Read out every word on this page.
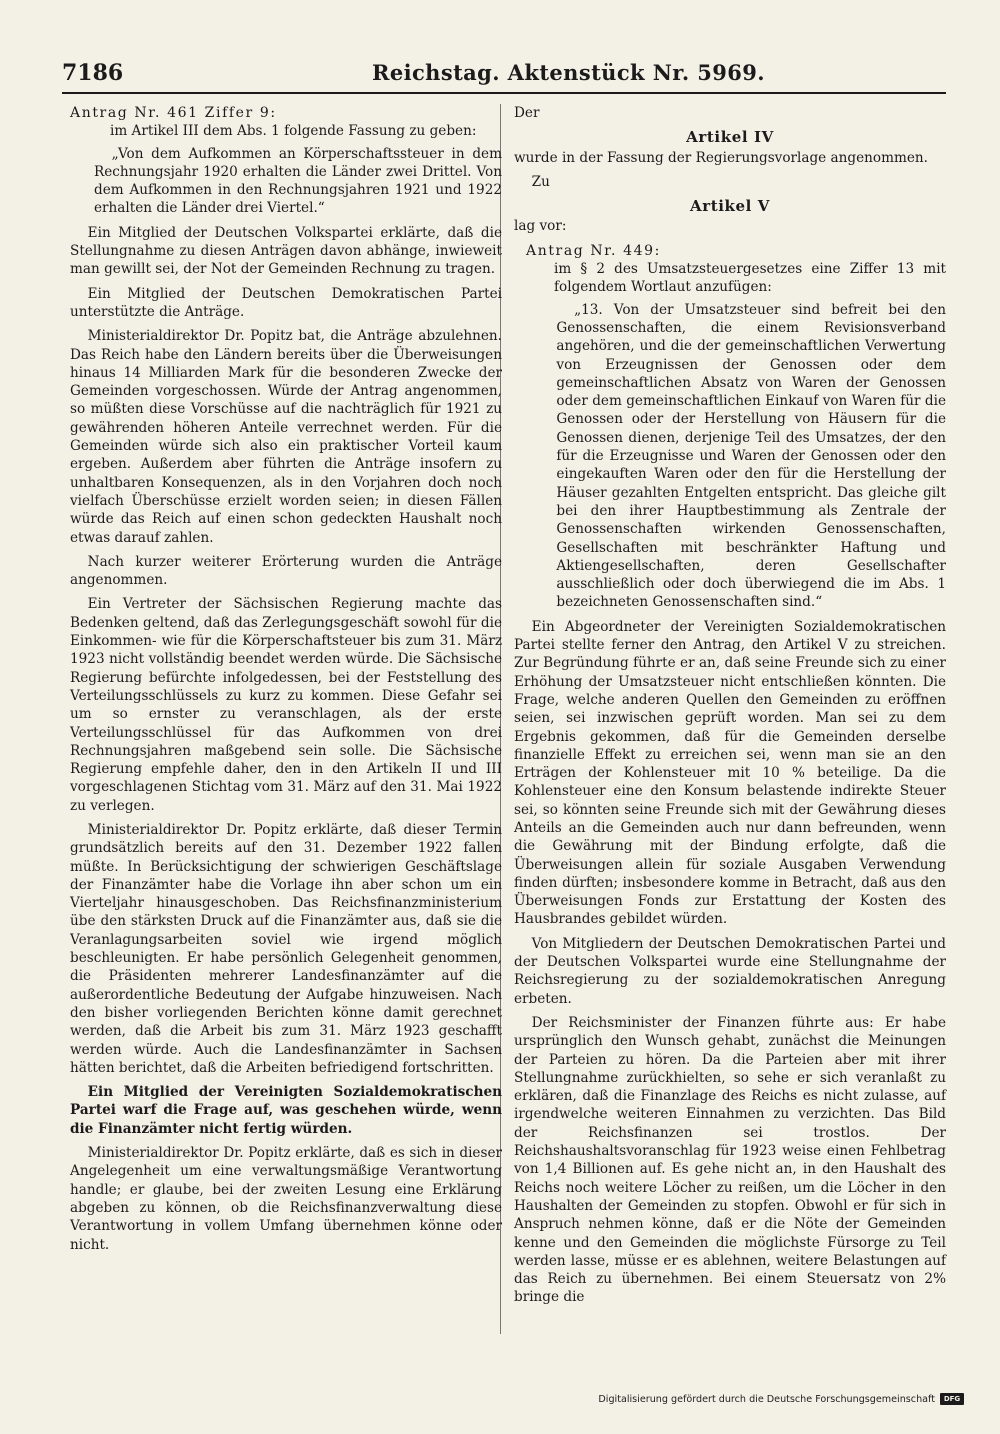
7186	Reichstag. Aktenstück Nr. 5969.

Antrag Nr. 461 Ziffer 9:

im Artikel III dem Abs. 1 folgende Fassung zu geben:

„Von dem Aufkommen an Körperschaftssteuer in dem Rechnungsjahr 1920 erhalten die Länder zwei Drittel. Von dem Aufkommen in den Rechnungsjahren 1921 und 1922 erhalten die Länder drei Viertel.“

Ein Mitglied der Deutschen Volkspartei erklärte, daß die Stellungnahme zu diesen Anträgen davon abhänge, inwieweit man gewillt sei, der Not der Gemeinden Rechnung zu tragen.

Ein Mitglied der Deutschen Demokratischen Partei unterstützte die Anträge.

Ministerialdirektor Dr. Popitz bat, die Anträge abzulehnen. Das Reich habe den Ländern bereits über die Überweisungen hinaus 14 Milliarden Mark für die besonderen Zwecke der Gemeinden vorgeschossen. Würde der Antrag angenommen, so müßten diese Vorschüsse auf die nachträglich für 1921 zu gewährenden höheren Anteile verrechnet werden. Für die Gemeinden würde sich also ein praktischer Vorteil kaum ergeben. Außerdem aber führten die Anträge insofern zu unhaltbaren Konsequenzen, als in den Vorjahren doch noch vielfach Überschüsse erzielt worden seien; in diesen Fällen würde das Reich auf einen schon gedeckten Haushalt noch etwas darauf zahlen.

Nach kurzer weiterer Erörterung wurden die Anträge angenommen.

Ein Vertreter der Sächsischen Regierung machte das Bedenken geltend, daß das Zerlegungsgeschäft sowohl für die Einkommen- wie für die Körperschaftsteuer bis zum 31. März 1923 nicht vollständig beendet werden würde. Die Sächsische Regierung befürchte infolgedessen, bei der Feststellung des Verteilungsschlüssels zu kurz zu kommen. Diese Gefahr sei um so ernster zu veranschlagen, als der erste Verteilungsschlüssel für das Aufkommen von drei Rechnungsjahren maßgebend sein solle. Die Sächsische Regierung empfehle daher, den in den Artikeln II und III vorgeschlagenen Stichtag vom 31. März auf den 31. Mai 1922 zu verlegen.

Ministerialdirektor Dr. Popitz erklärte, daß dieser Termin grundsätzlich bereits auf den 31. Dezember 1922 fallen müßte. In Berücksichtigung der schwierigen Geschäftslage der Finanzämter habe die Vorlage ihn aber schon um ein Vierteljahr hinausgeschoben. Das Reichsfinanzministerium übe den stärksten Druck auf die Finanzämter aus, daß sie die Veranlagungsarbeiten soviel wie irgend möglich beschleunigten. Er habe persönlich Gelegenheit genommen, die Präsidenten mehrerer Landesfinanzämter auf die außerordentliche Bedeutung der Aufgabe hinzuweisen. Nach den bisher vorliegenden Berichten könne damit gerechnet werden, daß die Arbeit bis zum 31. März 1923 geschafft werden würde. Auch die Landesfinanzämter in Sachsen hätten berichtet, daß die Arbeiten befriedigend fortschritten.

Ein Mitglied der Vereinigten Sozialdemokratischen Partei warf die Frage auf, was geschehen würde, wenn die Finanzämter nicht fertig würden.

Ministerialdirektor Dr. Popitz erklärte, daß es sich in dieser Angelegenheit um eine verwaltungsmäßige Verantwortung handle; er glaube, bei der zweiten Lesung eine Erklärung abgeben zu können, ob die Reichsfinanzverwaltung diese Verantwortung in vollem Umfang übernehmen könne oder nicht.

Der

Artikel IV

wurde in der Fassung der Regierungsvorlage angenommen.

Zu

Artikel V

lag vor:

Antrag Nr. 449:

im § 2 des Umsatzsteuergesetzes eine Ziffer 13 mit folgendem Wortlaut anzufügen:

„13. Von der Umsatzsteuer sind befreit bei den Genossenschaften, die einem Revisionsverband angehören, und die der gemeinschaftlichen Verwertung von Erzeugnissen der Genossen oder dem gemeinschaftlichen Absatz von Waren der Genossen oder dem gemeinschaftlichen Einkauf von Waren für die Genossen oder der Herstellung von Häusern für die Genossen dienen, derjenige Teil des Umsatzes, der den für die Erzeugnisse und Waren der Genossen oder den eingekauften Waren oder den für die Herstellung der Häuser gezahlten Entgelten entspricht. Das gleiche gilt bei den ihrer Hauptbestimmung als Zentrale der Genossenschaften wirkenden Genossenschaften, Gesellschaften mit beschränkter Haftung und Aktiengesellschaften, deren Gesellschafter ausschließlich oder doch überwiegend die im Abs. 1 bezeichneten Genossenschaften sind.“

Ein Abgeordneter der Vereinigten Sozialdemokratischen Partei stellte ferner den Antrag, den Artikel V zu streichen. Zur Begründung führte er an, daß seine Freunde sich zu einer Erhöhung der Umsatzsteuer nicht entschließen könnten. Die Frage, welche anderen Quellen den Gemeinden zu eröffnen seien, sei inzwischen geprüft worden. Man sei zu dem Ergebnis gekommen, daß für die Gemeinden derselbe finanzielle Effekt zu erreichen sei, wenn man sie an den Erträgen der Kohlensteuer mit 10 % beteilige. Da die Kohlensteuer eine den Konsum belastende indirekte Steuer sei, so könnten seine Freunde sich mit der Gewährung dieses Anteils an die Gemeinden auch nur dann befreunden, wenn die Gewährung mit der Bindung erfolgte, daß die Überweisungen allein für soziale Ausgaben Verwendung finden dürften; insbesondere komme in Betracht, daß aus den Überweisungen Fonds zur Erstattung der Kosten des Hausbrandes gebildet würden.

Von Mitgliedern der Deutschen Demokratischen Partei und der Deutschen Volkspartei wurde eine Stellungnahme der Reichsregierung zu der sozialdemokratischen Anregung erbeten.

Der Reichsminister der Finanzen führte aus: Er habe ursprünglich den Wunsch gehabt, zunächst die Meinungen der Parteien zu hören. Da die Parteien aber mit ihrer Stellungnahme zurückhielten, so sehe er sich veranlaßt zu erklären, daß die Finanzlage des Reichs es nicht zulasse, auf irgendwelche weiteren Einnahmen zu verzichten. Das Bild der Reichsfinanzen sei trostlos. Der Reichshaushaltsvoranschlag für 1923 weise einen Fehlbetrag von 1,4 Billionen auf. Es gehe nicht an, in den Haushalt des Reichs noch weitere Löcher zu reißen, um die Löcher in den Haushalten der Gemeinden zu stopfen. Obwohl er für sich in Anspruch nehmen könne, daß er die Nöte der Gemeinden kenne und den Gemeinden die möglichste Fürsorge zu Teil werden lasse, müsse er es ablehnen, weitere Belastungen auf das Reich zu übernehmen. Bei einem Steuersatz von 2% bringe die

Digitalisierung gefördert durch die Deutsche Forschungsgemeinschaft	DFG
